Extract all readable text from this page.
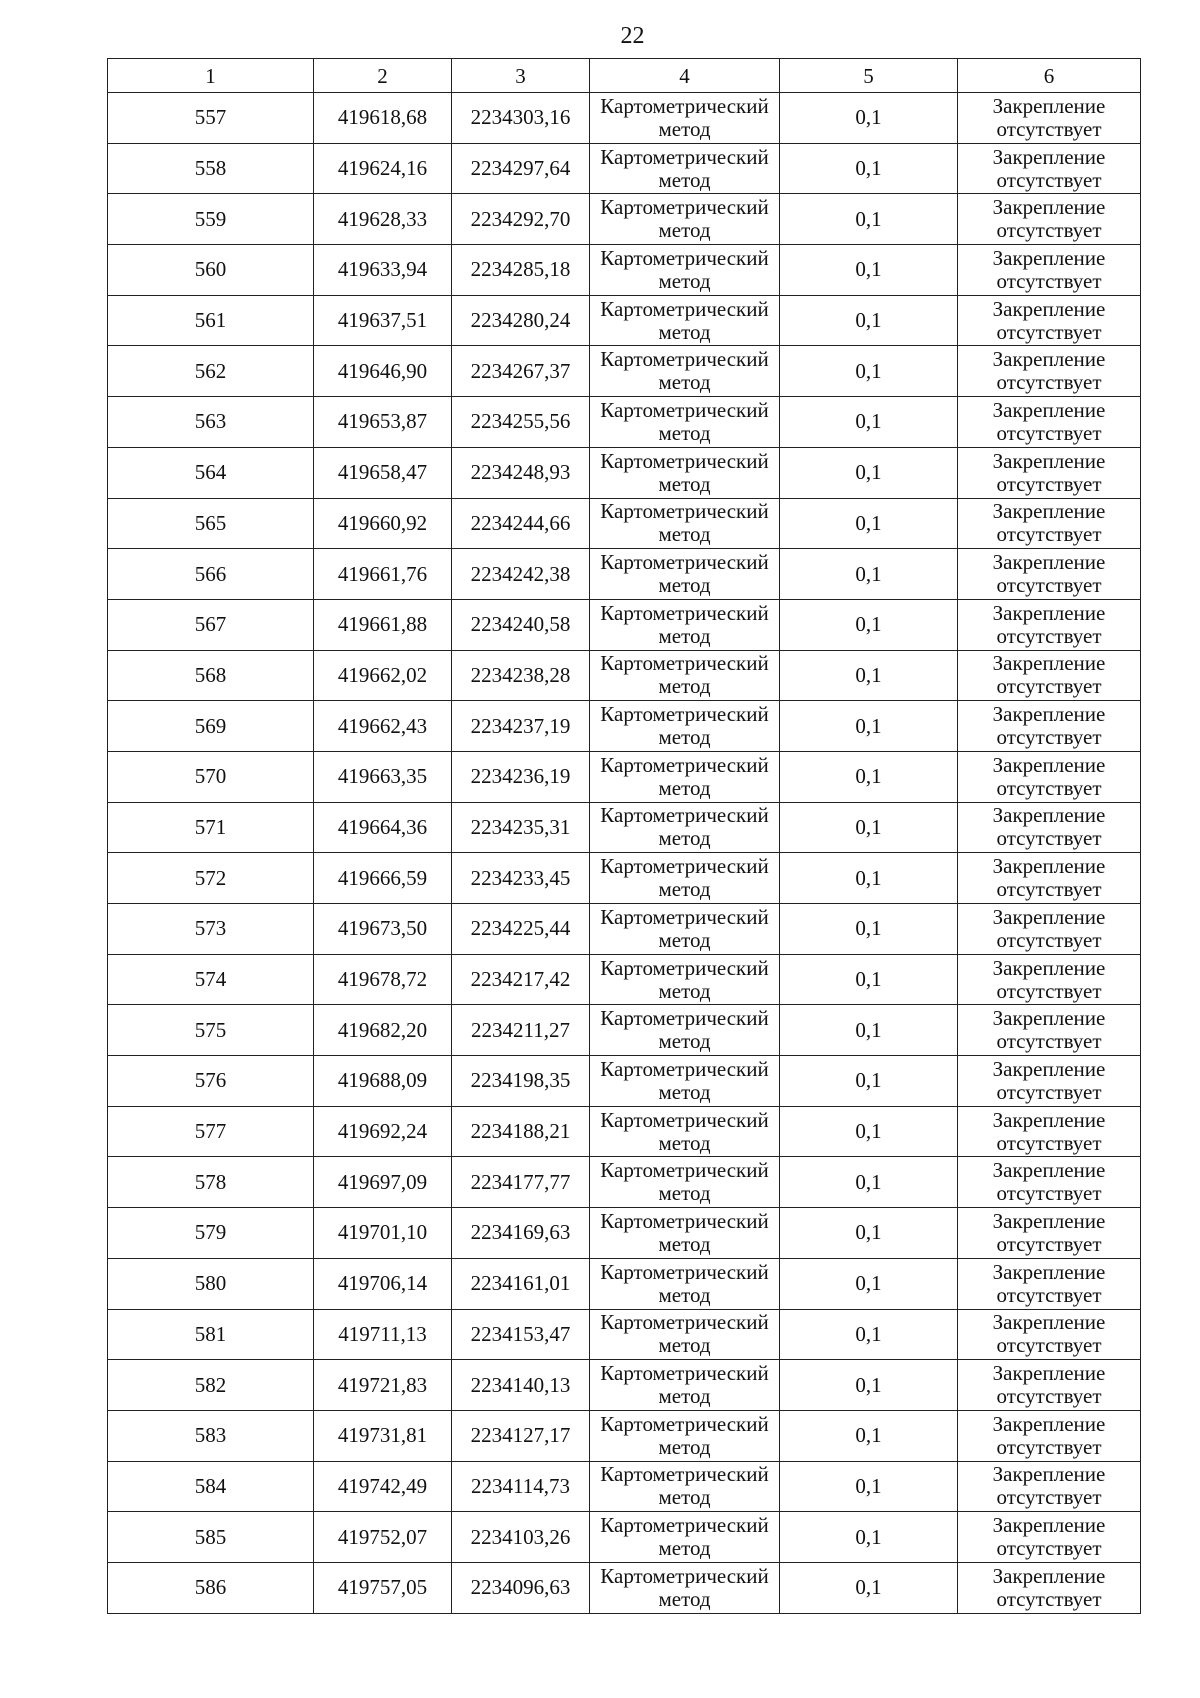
22
1	2	3	4	5	6
557	419618,68	2234303,16	Картометрический метод	0,1	Закрепление отсутствует

558	419624,16	2234297,64	Картометрический метод	0,1	Закрепление отсутствует

559	419628,33	2234292,70	Картометрический метод	0,1	Закрепление отсутствует

560	419633,94	2234285,18	Картометрический метод	0,1	Закрепление отсутствует

561	419637,51	2234280,24	Картометрический метод	0,1	Закрепление отсутствует

562	419646,90	2234267,37	Картометрический метод	0,1	Закрепление отсутствует

563	419653,87	2234255,56	Картометрический метод	0,1	Закрепление отсутствует

564	419658,47	2234248,93	Картометрический метод	0,1	Закрепление отсутствует

565	419660,92	2234244,66	Картометрический метод	0,1	Закрепление отсутствует

566	419661,76	2234242,38	Картометрический метод	0,1	Закрепление отсутствует

567	419661,88	2234240,58	Картометрический метод	0,1	Закрепление отсутствует

568	419662,02	2234238,28	Картометрический метод	0,1	Закрепление отсутствует

569	419662,43	2234237,19	Картометрический метод	0,1	Закрепление отсутствует

570	419663,35	2234236,19	Картометрический метод	0,1	Закрепление отсутствует

571	419664,36	2234235,31	Картометрический метод	0,1	Закрепление отсутствует

572	419666,59	2234233,45	Картометрический метод	0,1	Закрепление отсутствует

573	419673,50	2234225,44	Картометрический метод	0,1	Закрепление отсутствует

574	419678,72	2234217,42	Картометрический метод	0,1	Закрепление отсутствует

575	419682,20	2234211,27	Картометрический метод	0,1	Закрепление отсутствует

576	419688,09	2234198,35	Картометрический метод	0,1	Закрепление отсутствует

577	419692,24	2234188,21	Картометрический метод	0,1	Закрепление отсутствует

578	419697,09	2234177,77	Картометрический метод	0,1	Закрепление отсутствует

579	419701,10	2234169,63	Картометрический метод	0,1	Закрепление отсутствует

580	419706,14	2234161,01	Картометрический метод	0,1	Закрепление отсутствует

581	419711,13	2234153,47	Картометрический метод	0,1	Закрепление отсутствует

582	419721,83	2234140,13	Картометрический метод	0,1	Закрепление отсутствует

583	419731,81	2234127,17	Картометрический метод	0,1	Закрепление отсутствует

584	419742,49	2234114,73	Картометрический метод	0,1	Закрепление отсутствует

585	419752,07	2234103,26	Картометрический метод	0,1	Закрепление отсутствует

586	419757,05	2234096,63	Картометрический метод	0,1	Закрепление отсутствует
